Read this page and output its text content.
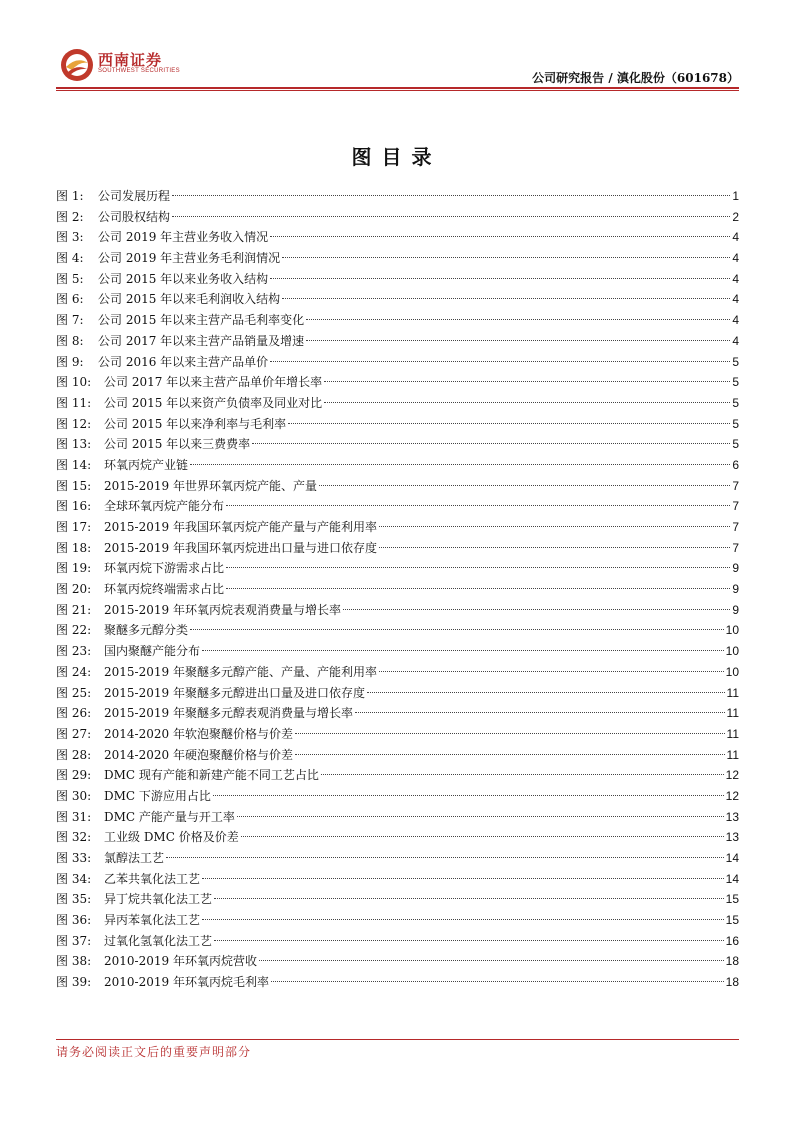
西南证券
SOUTHWEST SECURITIES	公司研究报告 / 滇化股份（601678）
图目录
图 1:	公司发展历程	1
图 2:	公司股权结构	2
图 3:	公司 2019 年主营业务收入情况	4
图 4:	公司 2019 年主营业务毛利润情况	4
图 5:	公司 2015 年以来业务收入结构	4
图 6:	公司 2015 年以来毛利润收入结构	4
图 7:	公司 2015 年以来主营产品毛利率变化	4
图 8:	公司 2017 年以来主营产品销量及增速	4
图 9:	公司 2016 年以来主营产品单价	5
图 10:	公司 2017 年以来主营产品单价年增长率	5
图 11:	公司 2015 年以来资产负债率及同业对比	5
图 12:	公司 2015 年以来净利率与毛利率	5
图 13:	公司 2015 年以来三费费率	5
图 14:	环氧丙烷产业链	6
图 15:	2015-2019 年世界环氧丙烷产能、产量	7
图 16:	全球环氧丙烷产能分布	7
图 17:	2015-2019 年我国环氧丙烷产能产量与产能利用率	7
图 18:	2015-2019 年我国环氧丙烷进出口量与进口依存度	7
图 19:	环氧丙烷下游需求占比	9
图 20:	环氧丙烷终端需求占比	9
图 21:	2015-2019 年环氧丙烷表观消费量与增长率	9
图 22:	聚醚多元醇分类	10
图 23:	国内聚醚产能分布	10
图 24:	2015-2019 年聚醚多元醇产能、产量、产能利用率	10
图 25:	2015-2019 年聚醚多元醇进出口量及进口依存度	11
图 26:	2015-2019 年聚醚多元醇表观消费量与增长率	11
图 27:	2014-2020 年软泡聚醚价格与价差	11
图 28:	2014-2020 年硬泡聚醚价格与价差	11
图 29:	DMC 现有产能和新建产能不同工艺占比	12
图 30:	DMC 下游应用占比	12
图 31:	DMC 产能产量与开工率	13
图 32:	工业级 DMC 价格及价差	13
图 33:	氯醇法工艺	14
图 34:	乙苯共氧化法工艺	14
图 35:	异丁烷共氧化法工艺	15
图 36:	异丙苯氧化法工艺	15
图 37:	过氧化氢氧化法工艺	16
图 38:	2010-2019 年环氧丙烷营收	18
图 39:	2010-2019 年环氧丙烷毛利率	18
请务必阅读正文后的重要声明部分
